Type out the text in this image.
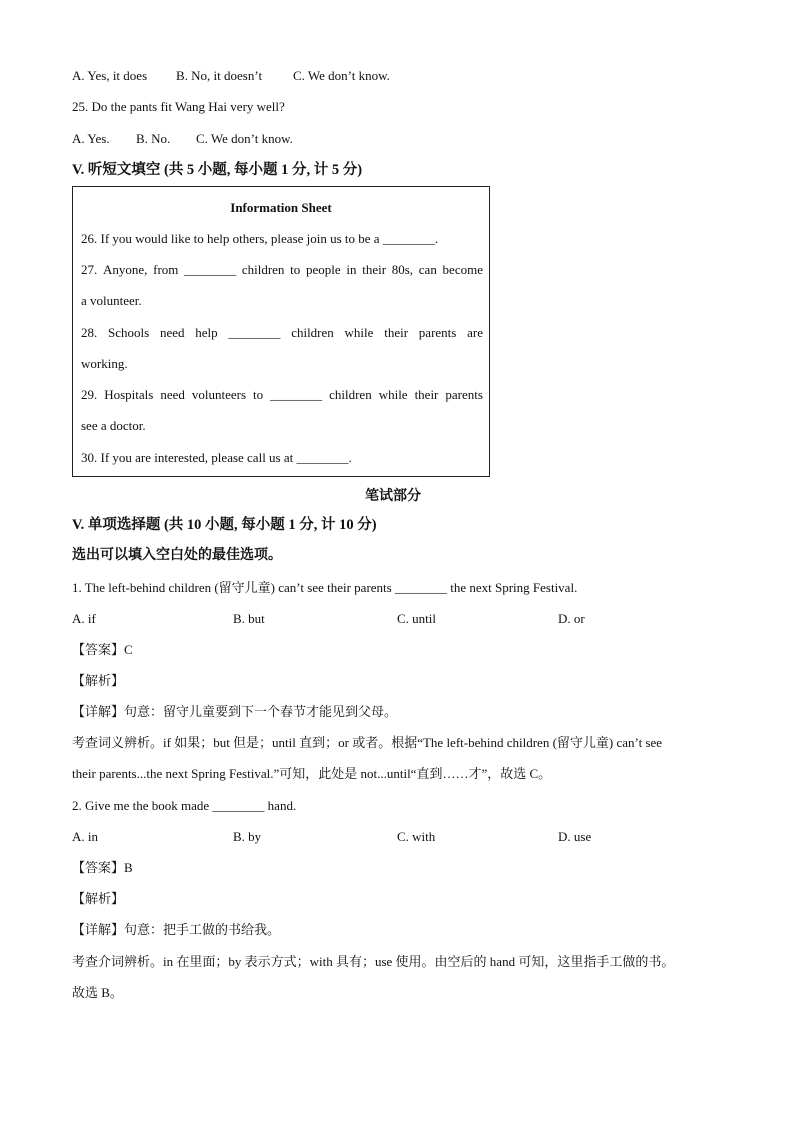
A. Yes, it does B. No, it doesn’t C. We don’t know.
25. Do the pants fit Wang Hai very well?
A. Yes. B. No. C. We don’t know.
V. 听短文填空 (共 5 小题, 每小题 1 分, 计 5 分)
Information Sheet
26. If you would like to help others, please join us to be a ________.
27. Anyone, from ________ children to people in their 80s, can become
a volunteer.
28. Schools need help ________ children while their parents are
working.
29. Hospitals need volunteers to ________ children while their parents
see a doctor.
30. If you are interested, please call us at ________.
笔试部分
V. 单项选择题 (共 10 小题, 每小题 1 分, 计 10 分)
选出可以填入空白处的最佳选项。
1. The left-behind children (留守儿童) can’t see their parents ________ the next Spring Festival.
A. if	B. but	C. until	D. or
【答案】C
【解析】
【详解】句意：留守儿童要到下一个春节才能见到父母。
考查词义辨析。if 如果；but 但是；until 直到；or 或者。根据“The left-behind children (留守儿童) can’t see
their parents...the next Spring Festival.”可知，此处是 not...until“直到……才”，故选 C。
2. Give me the book made ________ hand.
A. in	B. by	C. with	D. use
【答案】B
【解析】
【详解】句意：把手工做的书给我。
考查介词辨析。in 在里面；by 表示方式；with 具有；use 使用。由空后的 hand 可知，这里指手工做的书。
故选 B。
